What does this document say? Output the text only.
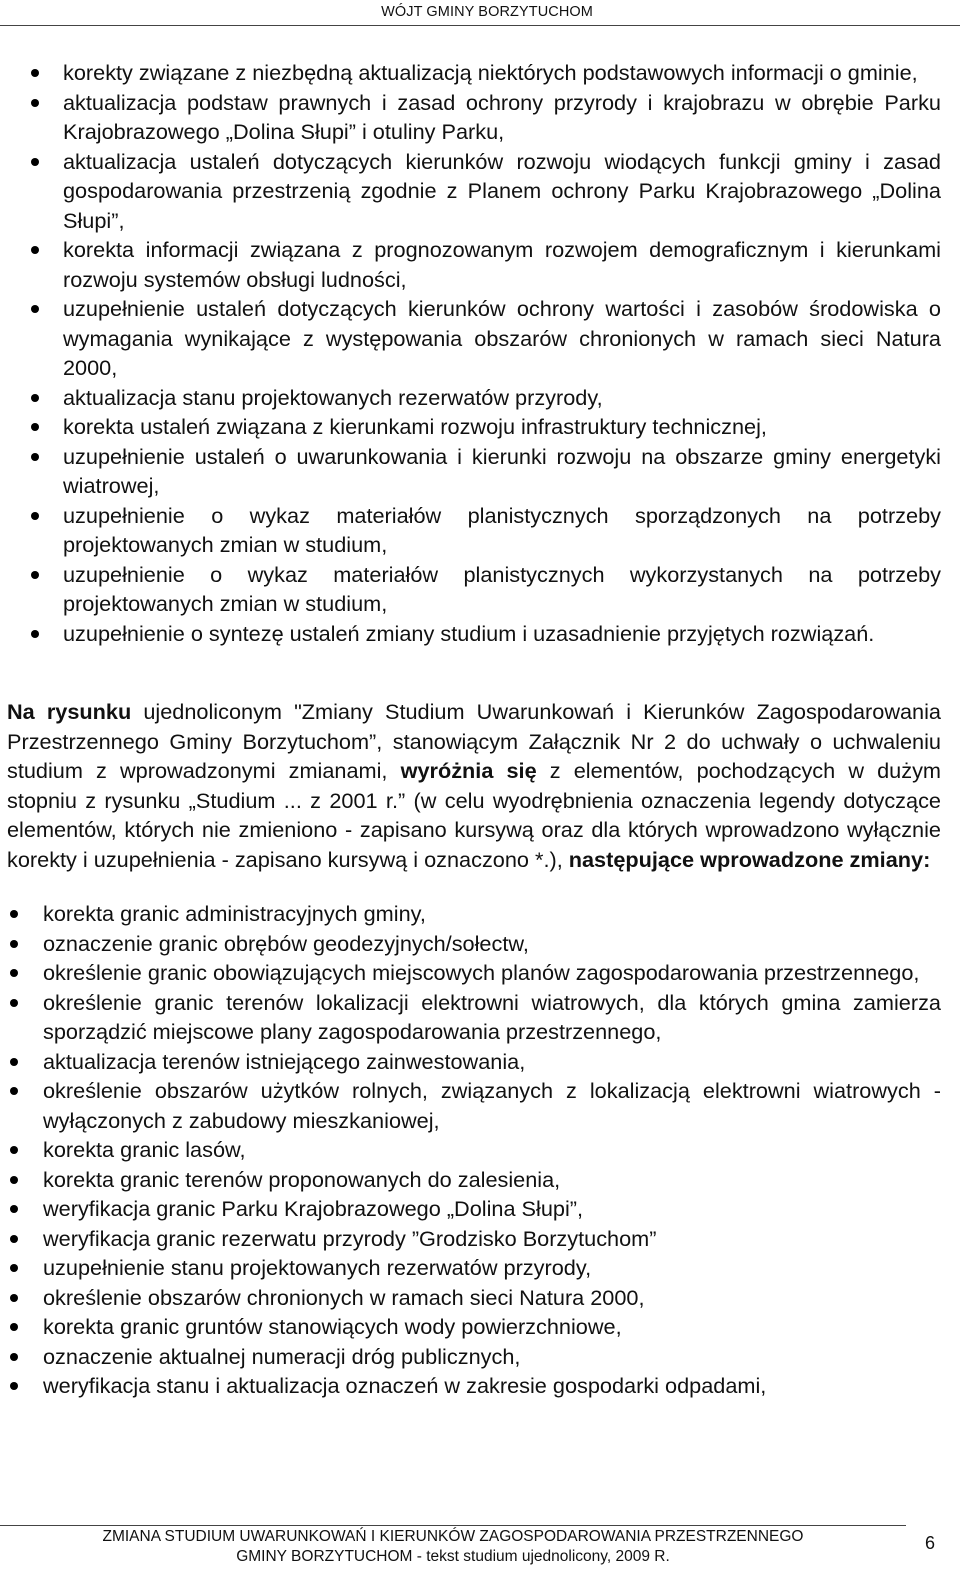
WÓJT GMINY BORZYTUCHOM
korekty związane z niezbędną aktualizacją niektórych podstawowych informacji o gminie,
aktualizacja podstaw prawnych i zasad ochrony przyrody i krajobrazu w obrębie Parku Krajobrazowego „Dolina Słupi” i otuliny Parku,
aktualizacja ustaleń dotyczących kierunków rozwoju wiodących funkcji gminy i zasad gospodarowania przestrzenią zgodnie z Planem ochrony Parku Krajobrazowego „Dolina Słupi”,
korekta informacji związana z prognozowanym rozwojem demograficznym i kierunkami rozwoju systemów obsługi ludności,
uzupełnienie ustaleń dotyczących kierunków ochrony wartości i zasobów środowiska o wymagania wynikające z występowania obszarów chronionych w ramach sieci Natura 2000,
aktualizacja stanu projektowanych rezerwatów przyrody,
korekta ustaleń związana z kierunkami rozwoju infrastruktury technicznej,
uzupełnienie ustaleń o uwarunkowania i kierunki rozwoju na obszarze gminy energetyki wiatrowej,
uzupełnienie o wykaz materiałów planistycznych sporządzonych na potrzeby projektowanych zmian w studium,
uzupełnienie o wykaz materiałów planistycznych wykorzystanych na potrzeby projektowanych zmian w studium,
uzupełnienie o syntezę ustaleń zmiany studium i uzasadnienie przyjętych rozwiązań.
Na rysunku ujednoliconym "Zmiany Studium Uwarunkowań i Kierunków Zagospodarowania Przestrzennego Gminy Borzytuchom”, stanowiącym Załącznik Nr 2 do uchwały o uchwaleniu studium z wprowadzonymi zmianami, wyróżnia się z elementów, pochodzących w dużym stopniu z rysunku „Studium ... z 2001 r.” (w celu wyodrębnienia oznaczenia legendy dotyczące elementów, których nie zmieniono - zapisano kursywą oraz dla których wprowadzono wyłącznie korekty i uzupełnienia - zapisano kursywą i oznaczono *.), następujące wprowadzone zmiany:
korekta granic administracyjnych gminy,
oznaczenie granic obrębów geodezyjnych/sołectw,
określenie granic obowiązujących miejscowych planów zagospodarowania przestrzennego,
określenie granic terenów lokalizacji elektrowni wiatrowych, dla których gmina zamierza sporządzić miejscowe plany zagospodarowania przestrzennego,
aktualizacja terenów istniejącego zainwestowania,
określenie obszarów użytków rolnych, związanych z lokalizacją elektrowni wiatrowych - wyłączonych z zabudowy mieszkaniowej,
korekta granic lasów,
korekta granic terenów proponowanych do zalesienia,
weryfikacja granic Parku Krajobrazowego „Dolina Słupi”,
weryfikacja granic rezerwatu przyrody ”Grodzisko Borzytuchom”
uzupełnienie stanu projektowanych rezerwatów przyrody,
określenie obszarów chronionych w ramach sieci Natura 2000,
korekta granic gruntów stanowiących wody powierzchniowe,
oznaczenie aktualnej numeracji dróg publicznych,
weryfikacja stanu i aktualizacja oznaczeń w zakresie gospodarki odpadami,
ZMIANA STUDIUM UWARUNKOWAŃ I KIERUNKÓW ZAGOSPODAROWANIA PRZESTRZENNEGO
GMINY BORZYTUCHOM - tekst studium ujednolicony, 2009 R.
6
